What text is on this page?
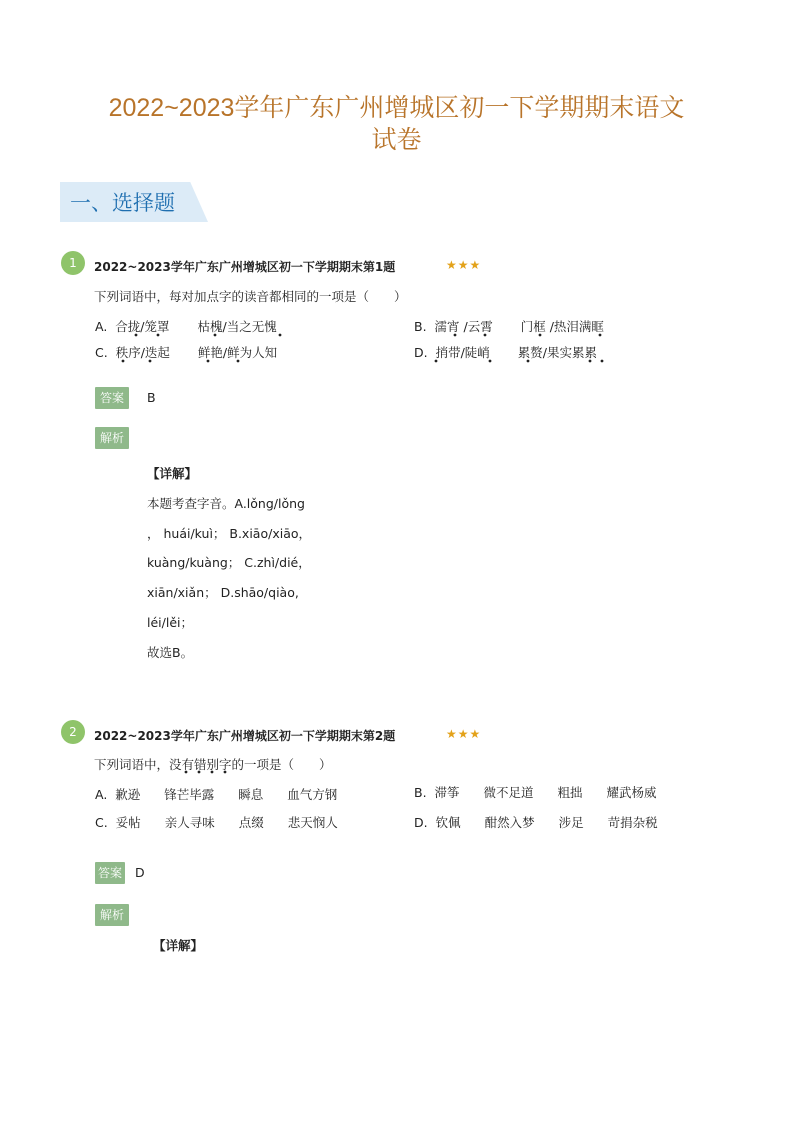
2022~2023学年广东广州增城区初一下学期期末语文
试卷
一、选择题
1	2022~2023学年广东广州增城区初一下学期期末第1题	★★★
下列词语中，每对加点字的读音都相同的一项是（　　）
A. 合拢/笼罩 枯槐/当之无愧	B. 濡宵 /云霄 门框 /热泪满眶
C. 秩序/迭起 鲜艳/鲜为人知	D. 捎带/陡峭 累赘/果实累累
答案	B
解析
【详解】
本题考查字音。A.lǒng/lǒng
， huái/kuì； B.xiāo/xiāo，
kuàng/kuàng； C.zhì/dié，
xiān/xiǎn； D.shāo/qiào,
léi/lěi；
故选B。
2	2022~2023学年广东广州增城区初一下学期期末第2题	★★★
下列词语中，没有错别字的一项是（　　）
A. 歉逊 锋芒毕露 瞬息 血气方钢	B. 滞筝 微不足道 粗拙 耀武杨威
C. 妥帖 亲人寻味 点缀 悲天悯人	D. 钦佩 酣然入梦 涉足 苛捐杂税
答案 D
解析
【详解】
